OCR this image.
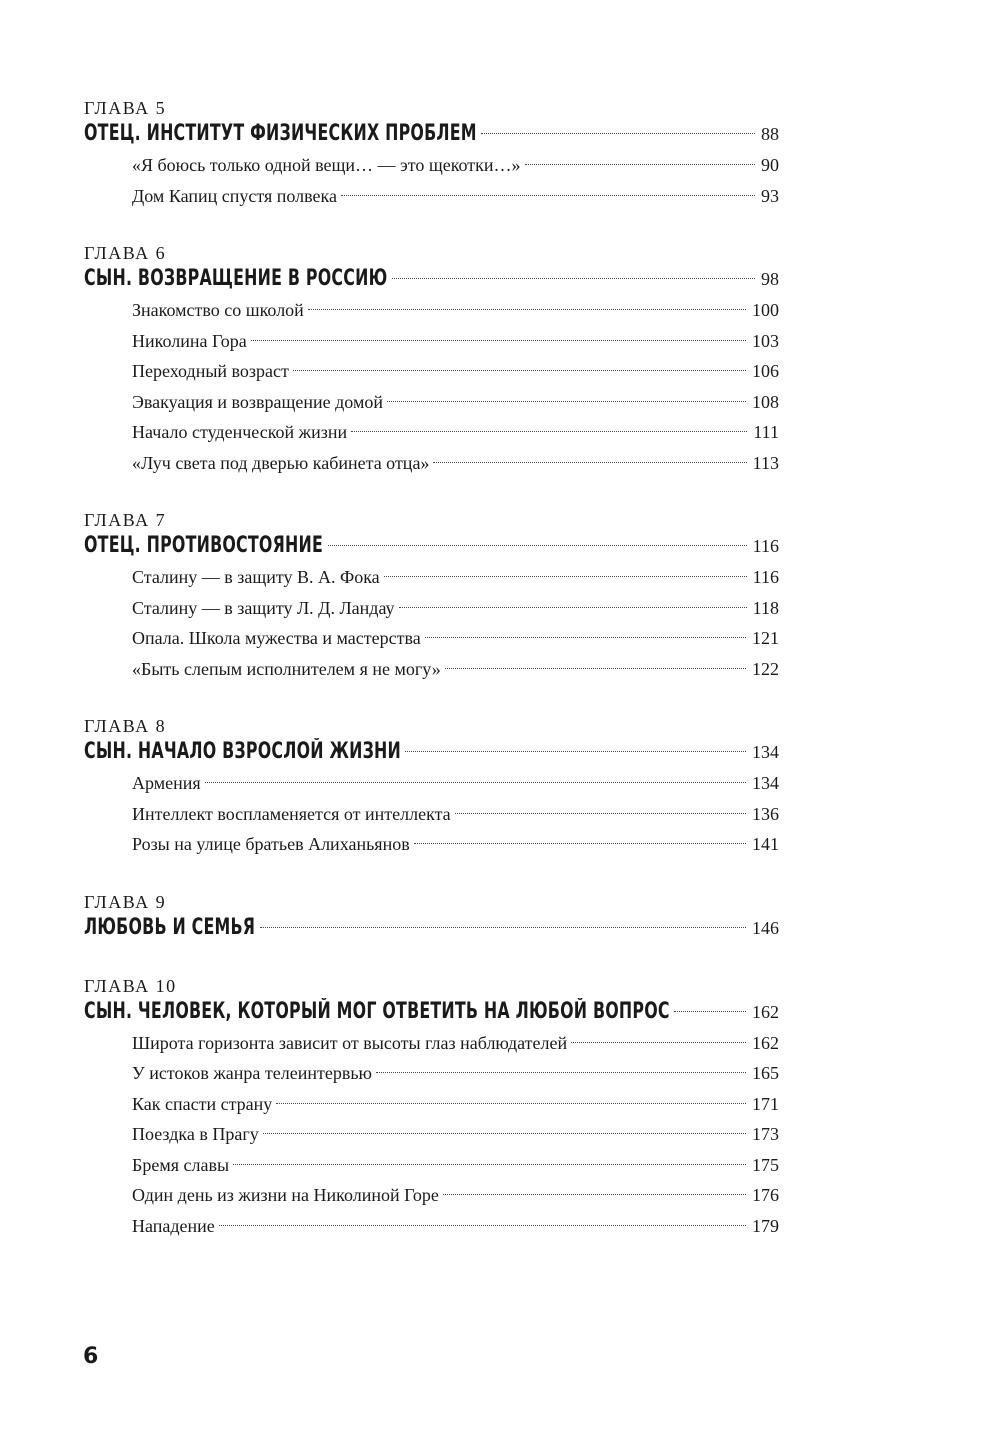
ГЛАВА 5
ОТЕЦ. ИНСТИТУТ ФИЗИЧЕСКИХ ПРОБЛЕМ	88
«Я боюсь только одной вещи… — это щекотки…»	90
Дом Капиц спустя полвека	93
ГЛАВА 6
СЫН. ВОЗВРАЩЕНИЕ В РОССИЮ	98
Знакомство со школой	100
Николина Гора	103
Переходный возраст	106
Эвакуация и возвращение домой	108
Начало студенческой жизни	111
«Луч света под дверью кабинета отца»	113
ГЛАВА 7
ОТЕЦ. ПРОТИВОСТОЯНИЕ	116
Сталину — в защиту В. А. Фока	116
Сталину — в защиту Л. Д. Ландау	118
Опала. Школа мужества и мастерства	121
«Быть слепым исполнителем я не могу»	122
ГЛАВА 8
СЫН. НАЧАЛО ВЗРОСЛОЙ ЖИЗНИ	134
Армения	134
Интеллект воспламеняется от интеллекта	136
Розы на улице братьев Алиханьянов	141
ГЛАВА 9
ЛЮБОВЬ И СЕМЬЯ	146
ГЛАВА 10
СЫН. ЧЕЛОВЕК, КОТОРЫЙ МОГ ОТВЕТИТЬ НА ЛЮБОЙ ВОПРОС	162
Широта горизонта зависит от высоты глаз наблюдателей	162
У истоков жанра телеинтервью	165
Как спасти страну	171
Поездка в Прагу	173
Бремя славы	175
Один день из жизни на Николиной Горе	176
Нападение	179
6
